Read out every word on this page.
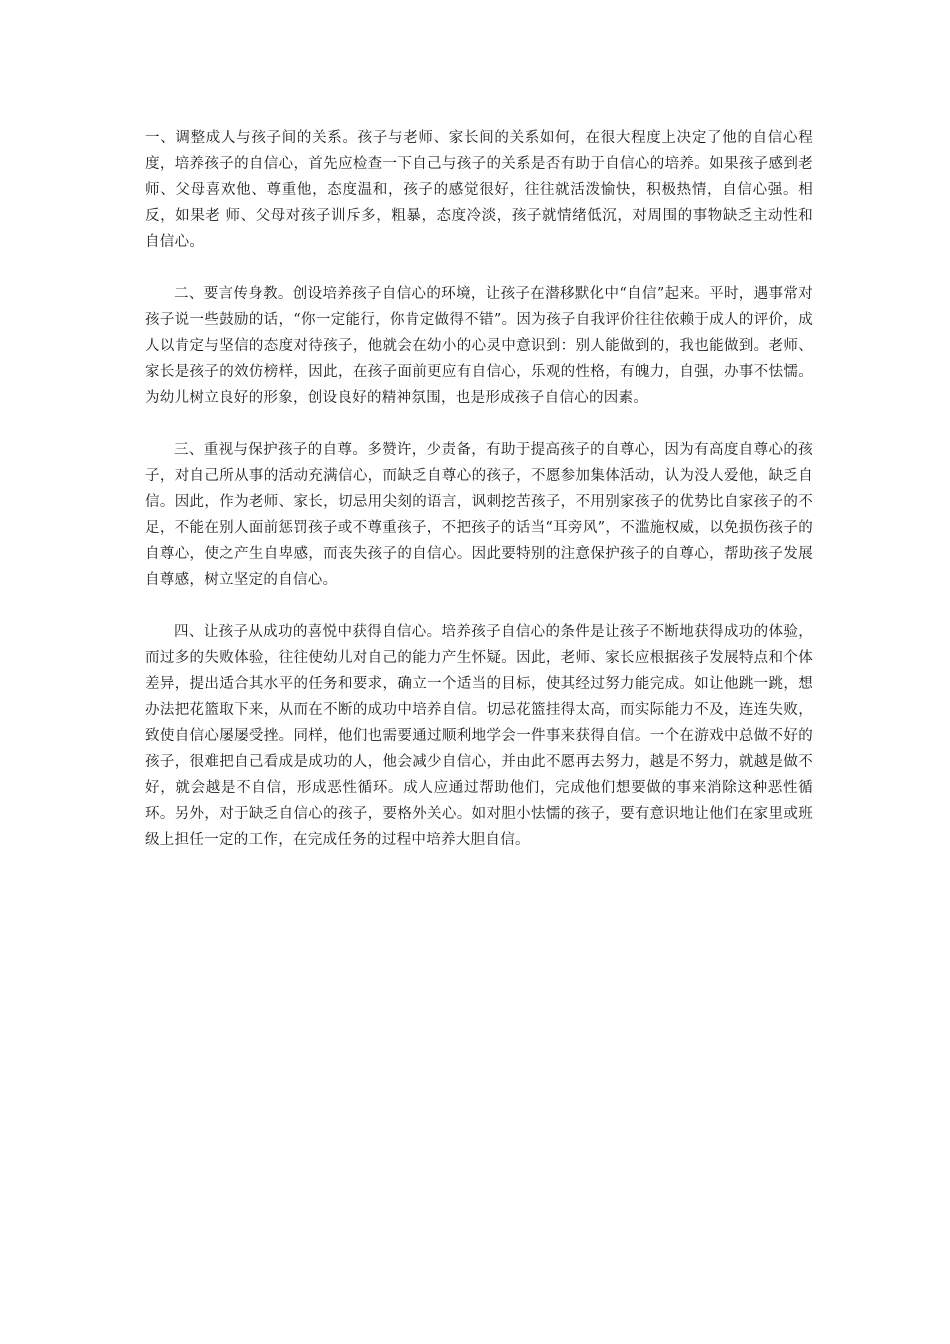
一、调整成人与孩子间的关系。孩子与老师、家长间的关系如何，在很大程度上决定了他的自信心程度，培养孩子的自信心，首先应检查一下自己与孩子的关系是否有助于自信心的培养。如果孩子感到老师、父母喜欢他、尊重他，态度温和，孩子的感觉很好，往往就活泼愉快，积极热情，自信心强。相反，如果老 师、父母对孩子训斥多，粗暴，态度冷淡，孩子就情绪低沉，对周围的事物缺乏主动性和自信心。

二、要言传身教。创设培养孩子自信心的环境，让孩子在潜移默化中“自信”起来。平时，遇事常对孩子说一些鼓励的话，“你一定能行，你肯定做得不错”。因为孩子自我评价往往依赖于成人的评价，成人以肯定与坚信的态度对待孩子，他就会在幼小的心灵中意识到：别人能做到的，我也能做到。老师、家长是孩子的效仿榜样，因此，在孩子面前更应有自信心，乐观的性格，有魄力，自强，办事不怯懦。为幼儿树立良好的形象，创设良好的精神氛围，也是形成孩子自信心的因素。

三、重视与保护孩子的自尊。多赞许，少责备，有助于提高孩子的自尊心，因为有高度自尊心的孩子，对自己所从事的活动充满信心，而缺乏自尊心的孩子，不愿参加集体活动，认为没人爱他，缺乏自信。因此，作为老师、家长，切忌用尖刻的语言，讽刺挖苦孩子，不用别家孩子的优势比自家孩子的不足，不能在别人面前惩罚孩子或不尊重孩子，不把孩子的话当“耳旁风”，不滥施权威，以免损伤孩子的自尊心，使之产生自卑感，而丧失孩子的自信心。因此要特别的注意保护孩子的自尊心，帮助孩子发展自尊感，树立坚定的自信心。

四、让孩子从成功的喜悦中获得自信心。培养孩子自信心的条件是让孩子不断地获得成功的体验，而过多的失败体验，往往使幼儿对自己的能力产生怀疑。因此，老师、家长应根据孩子发展特点和个体差异，提出适合其水平的任务和要求，确立一个适当的目标，使其经过努力能完成。如让他跳一跳，想办法把花篮取下来，从而在不断的成功中培养自信。切忌花篮挂得太高，而实际能力不及，连连失败，致使自信心屡屡受挫。同样，他们也需要通过顺利地学会一件事来获得自信。一个在游戏中总做不好的孩子，很难把自己看成是成功的人，他会减少自信心，并由此不愿再去努力，越是不努力，就越是做不好，就会越是不自信，形成恶性循环。成人应通过帮助他们，完成他们想要做的事来消除这种恶性循环。另外，对于缺乏自信心的孩子，要格外关心。如对胆小怯懦的孩子，要有意识地让他们在家里或班级上担任一定的工作，在完成任务的过程中培养大胆自信。
